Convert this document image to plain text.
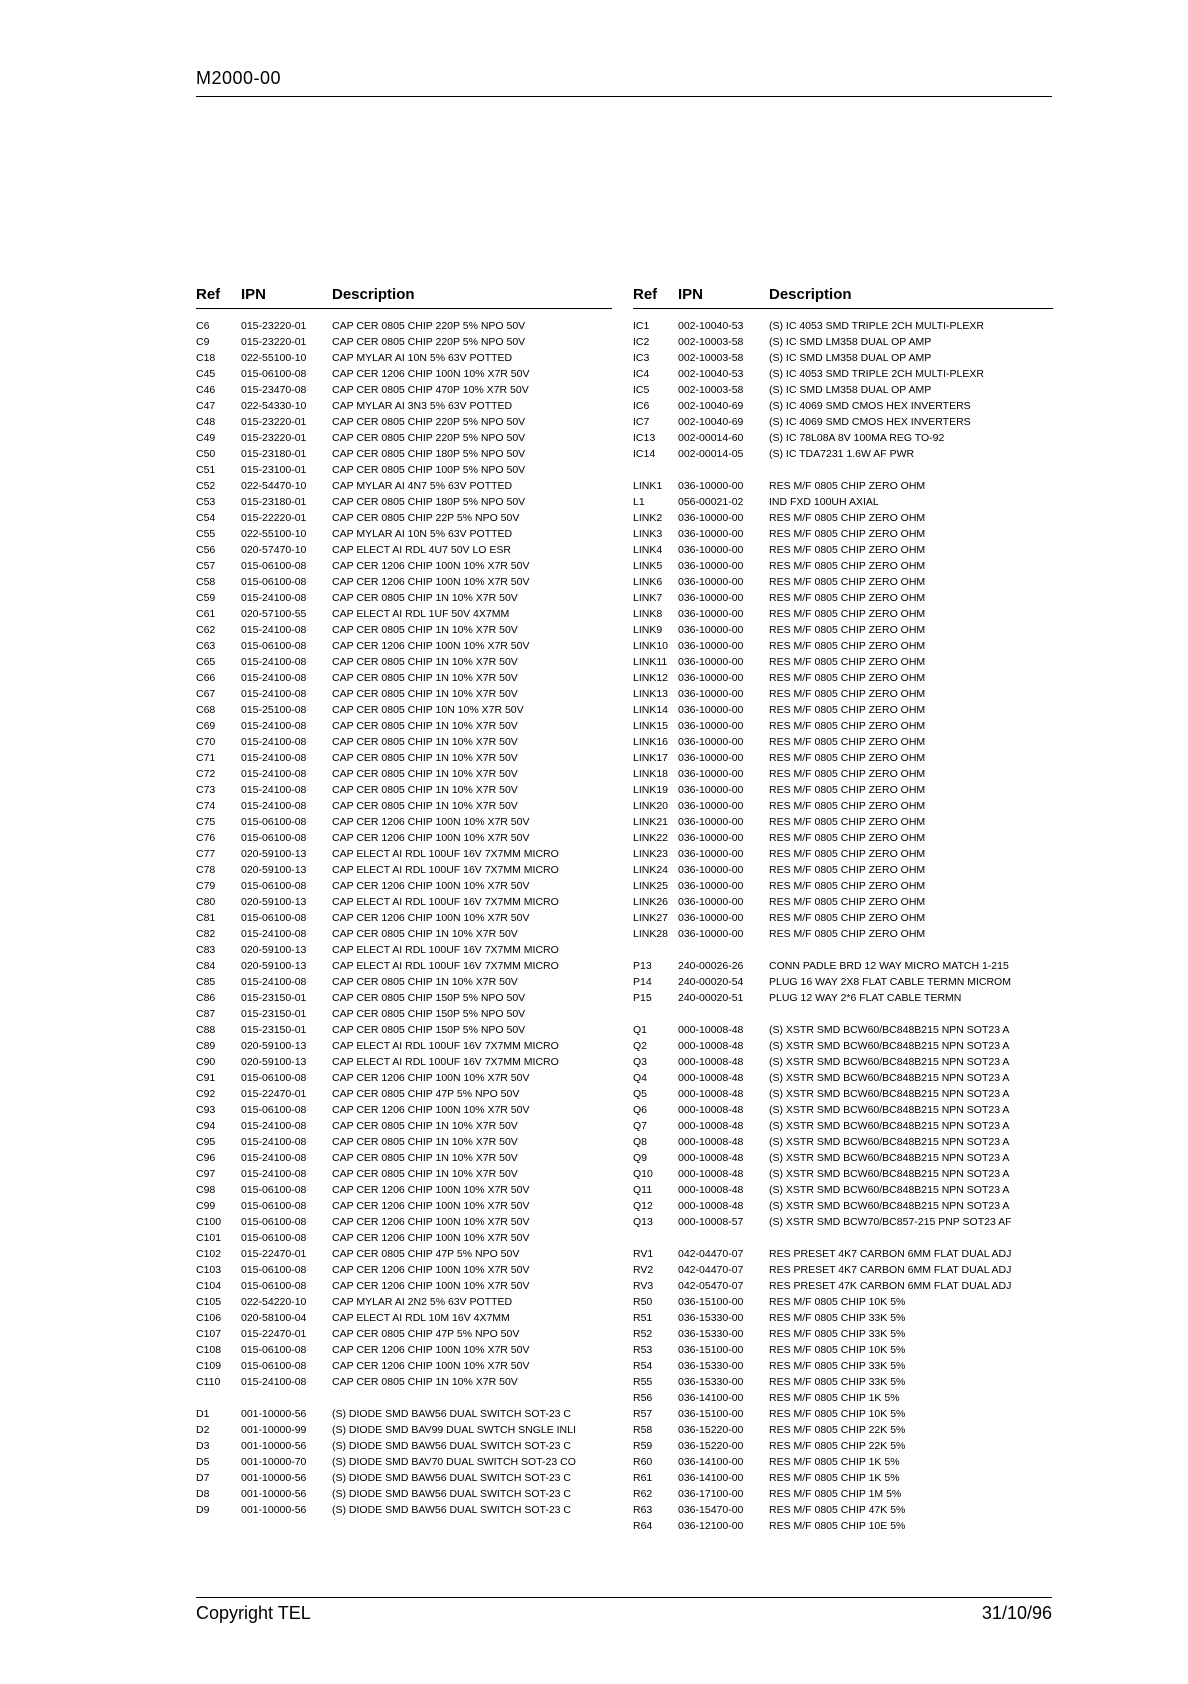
M2000-00
Ref IPN	Description
C6	015-23220-01 CAP CER 0805 CHIP 220P 5% NPO 50V
C9	015-23220-01 CAP CER 0805 CHIP 220P 5% NPO 50V
C18 022-55100-10 CAP MYLAR AI 10N 5% 63V POTTED
C45 015-06100-08 CAP CER 1206 CHIP 100N 10% X7R 50V
C46 015-23470-08 CAP CER 0805 CHIP 470P 10% X7R 50V
C47 022-54330-10 CAP MYLAR AI 3N3 5% 63V POTTED
C48 015-23220-01 CAP CER 0805 CHIP 220P 5% NPO 50V
C49 015-23220-01 CAP CER 0805 CHIP 220P 5% NPO 50V
C50 015-23180-01 CAP CER 0805 CHIP 180P 5% NPO 50V
C51 015-23100-01 CAP CER 0805 CHIP 100P 5% NPO 50V
C52 022-54470-10 CAP MYLAR AI 4N7 5% 63V POTTED
C53 015-23180-01 CAP CER 0805 CHIP 180P 5% NPO 50V
C54 015-22220-01 CAP CER 0805 CHIP 22P 5% NPO 50V
C55 022-55100-10 CAP MYLAR AI 10N 5% 63V POTTED
C56 020-57470-10 CAP ELECT AI RDL 4U7 50V LO ESR
C57 015-06100-08 CAP CER 1206 CHIP 100N 10% X7R 50V
C58 015-06100-08 CAP CER 1206 CHIP 100N 10% X7R 50V
C59 015-24100-08 CAP CER 0805 CHIP 1N 10% X7R 50V
C61 020-57100-55 CAP ELECT AI RDL 1UF 50V 4X7MM
C62 015-24100-08 CAP CER 0805 CHIP 1N 10% X7R 50V
C63 015-06100-08 CAP CER 1206 CHIP 100N 10% X7R 50V
C65 015-24100-08 CAP CER 0805 CHIP 1N 10% X7R 50V
C66 015-24100-08 CAP CER 0805 CHIP 1N 10% X7R 50V
C67 015-24100-08 CAP CER 0805 CHIP 1N 10% X7R 50V
C68 015-25100-08 CAP CER 0805 CHIP 10N 10% X7R 50V
C69 015-24100-08 CAP CER 0805 CHIP 1N 10% X7R 50V
C70 015-24100-08 CAP CER 0805 CHIP 1N 10% X7R 50V
C71 015-24100-08 CAP CER 0805 CHIP 1N 10% X7R 50V
C72 015-24100-08 CAP CER 0805 CHIP 1N 10% X7R 50V
C73 015-24100-08 CAP CER 0805 CHIP 1N 10% X7R 50V
C74 015-24100-08 CAP CER 0805 CHIP 1N 10% X7R 50V
C75 015-06100-08 CAP CER 1206 CHIP 100N 10% X7R 50V
C76 015-06100-08 CAP CER 1206 CHIP 100N 10% X7R 50V
C77 020-59100-13 CAP ELECT AI RDL 100UF 16V 7X7MM MICRO
C78 020-59100-13 CAP ELECT AI RDL 100UF 16V 7X7MM MICRO
C79 015-06100-08 CAP CER 1206 CHIP 100N 10% X7R 50V
C80 020-59100-13 CAP ELECT AI RDL 100UF 16V 7X7MM MICRO
C81 015-06100-08 CAP CER 1206 CHIP 100N 10% X7R 50V
C82 015-24100-08 CAP CER 0805 CHIP 1N 10% X7R 50V
C83 020-59100-13 CAP ELECT AI RDL 100UF 16V 7X7MM MICRO
C84 020-59100-13 CAP ELECT AI RDL 100UF 16V 7X7MM MICRO
C85 015-24100-08 CAP CER 0805 CHIP 1N 10% X7R 50V
C86 015-23150-01 CAP CER 0805 CHIP 150P 5% NPO 50V
C87 015-23150-01 CAP CER 0805 CHIP 150P 5% NPO 50V
C88 015-23150-01 CAP CER 0805 CHIP 150P 5% NPO 50V
C89 020-59100-13 CAP ELECT AI RDL 100UF 16V 7X7MM MICRO
C90 020-59100-13 CAP ELECT AI RDL 100UF 16V 7X7MM MICRO
C91 015-06100-08 CAP CER 1206 CHIP 100N 10% X7R 50V
C92 015-22470-01 CAP CER 0805 CHIP 47P 5% NPO 50V
C93 015-06100-08 CAP CER 1206 CHIP 100N 10% X7R 50V
C94 015-24100-08 CAP CER 0805 CHIP 1N 10% X7R 50V
C95 015-24100-08 CAP CER 0805 CHIP 1N 10% X7R 50V
C96 015-24100-08 CAP CER 0805 CHIP 1N 10% X7R 50V
C97 015-24100-08 CAP CER 0805 CHIP 1N 10% X7R 50V
C98 015-06100-08 CAP CER 1206 CHIP 100N 10% X7R 50V
C99 015-06100-08 CAP CER 1206 CHIP 100N 10% X7R 50V
C100 015-06100-08 CAP CER 1206 CHIP 100N 10% X7R 50V
C101 015-06100-08 CAP CER 1206 CHIP 100N 10% X7R 50V
C102 015-22470-01 CAP CER 0805 CHIP 47P 5% NPO 50V
C103 015-06100-08 CAP CER 1206 CHIP 100N 10% X7R 50V
C104 015-06100-08 CAP CER 1206 CHIP 100N 10% X7R 50V
C105 022-54220-10 CAP MYLAR AI 2N2 5% 63V POTTED
C106 020-58100-04 CAP ELECT AI RDL 10M 16V 4X7MM
C107 015-22470-01 CAP CER 0805 CHIP 47P 5% NPO 50V
C108 015-06100-08 CAP CER 1206 CHIP 100N 10% X7R 50V
C109 015-06100-08 CAP CER 1206 CHIP 100N 10% X7R 50V
C110 015-24100-08 CAP CER 0805 CHIP 1N 10% X7R 50V
D1	001-10000-56 (S) DIODE SMD BAW56 DUAL SWITCH SOT-23 C
D2	001-10000-99 (S) DIODE SMD BAV99 DUAL SWTCH SNGLE INLI
D3	001-10000-56 (S) DIODE SMD BAW56 DUAL SWITCH SOT-23 C
D5	001-10000-70 (S) DIODE SMD BAV70 DUAL SWITCH SOT-23 CO
D7	001-10000-56 (S) DIODE SMD BAW56 DUAL SWITCH SOT-23 C
D8	001-10000-56 (S) DIODE SMD BAW56 DUAL SWITCH SOT-23 C
D9	001-10000-56 (S) DIODE SMD BAW56 DUAL SWITCH SOT-23 C
Ref IPN	Description
IC1	002-10040-53 (S) IC 4053 SMD TRIPLE 2CH MULTI-PLEXR
IC2	002-10003-58 (S) IC SMD LM358 DUAL OP AMP
IC3	002-10003-58 (S) IC SMD LM358 DUAL OP AMP
IC4	002-10040-53 (S) IC 4053 SMD TRIPLE 2CH MULTI-PLEXR
IC5	002-10003-58 (S) IC SMD LM358 DUAL OP AMP
IC6	002-10040-69 (S) IC 4069 SMD CMOS HEX INVERTERS
IC7	002-10040-69 (S) IC 4069 SMD CMOS HEX INVERTERS
IC13 002-00014-60 (S) IC 78L08A 8V 100MA REG TO-92
IC14 002-00014-05 (S) IC TDA7231 1.6W AF PWR
LINK1 036-10000-00 RES M/F 0805 CHIP ZERO OHM
L1	056-00021-02 IND FXD 100UH AXIAL
LINK2 036-10000-00 RES M/F 0805 CHIP ZERO OHM
LINK3 036-10000-00 RES M/F 0805 CHIP ZERO OHM
LINK4 036-10000-00 RES M/F 0805 CHIP ZERO OHM
LINK5 036-10000-00 RES M/F 0805 CHIP ZERO OHM
LINK6 036-10000-00 RES M/F 0805 CHIP ZERO OHM
LINK7 036-10000-00 RES M/F 0805 CHIP ZERO OHM
LINK8 036-10000-00 RES M/F 0805 CHIP ZERO OHM
LINK9 036-10000-00 RES M/F 0805 CHIP ZERO OHM
LINK10 036-10000-00 RES M/F 0805 CHIP ZERO OHM
LINK11 036-10000-00 RES M/F 0805 CHIP ZERO OHM
LINK12 036-10000-00 RES M/F 0805 CHIP ZERO OHM
LINK13 036-10000-00 RES M/F 0805 CHIP ZERO OHM
LINK14 036-10000-00 RES M/F 0805 CHIP ZERO OHM
LINK15 036-10000-00 RES M/F 0805 CHIP ZERO OHM
LINK16 036-10000-00 RES M/F 0805 CHIP ZERO OHM
LINK17 036-10000-00 RES M/F 0805 CHIP ZERO OHM
LINK18 036-10000-00 RES M/F 0805 CHIP ZERO OHM
LINK19 036-10000-00 RES M/F 0805 CHIP ZERO OHM
LINK20 036-10000-00 RES M/F 0805 CHIP ZERO OHM
LINK21 036-10000-00 RES M/F 0805 CHIP ZERO OHM
LINK22 036-10000-00 RES M/F 0805 CHIP ZERO OHM
LINK23 036-10000-00 RES M/F 0805 CHIP ZERO OHM
LINK24 036-10000-00 RES M/F 0805 CHIP ZERO OHM
LINK25 036-10000-00 RES M/F 0805 CHIP ZERO OHM
LINK26 036-10000-00 RES M/F 0805 CHIP ZERO OHM
LINK27 036-10000-00 RES M/F 0805 CHIP ZERO OHM
LINK28 036-10000-00 RES M/F 0805 CHIP ZERO OHM
P13	240-00026-26 CONN PADLE BRD 12 WAY MICRO MATCH 1-215
P14	240-00020-54 PLUG 16 WAY 2X8 FLAT CABLE TERMN MICROM
P15	240-00020-51 PLUG 12 WAY 2*6 FLAT CABLE TERMN
Q1	000-10008-48 (S) XSTR SMD BCW60/BC848B215 NPN SOT23 A
Q2	000-10008-48 (S) XSTR SMD BCW60/BC848B215 NPN SOT23 A
Q3	000-10008-48 (S) XSTR SMD BCW60/BC848B215 NPN SOT23 A
Q4	000-10008-48 (S) XSTR SMD BCW60/BC848B215 NPN SOT23 A
Q5	000-10008-48 (S) XSTR SMD BCW60/BC848B215 NPN SOT23 A
Q6	000-10008-48 (S) XSTR SMD BCW60/BC848B215 NPN SOT23 A
Q7	000-10008-48 (S) XSTR SMD BCW60/BC848B215 NPN SOT23 A
Q8	000-10008-48 (S) XSTR SMD BCW60/BC848B215 NPN SOT23 A
Q9	000-10008-48 (S) XSTR SMD BCW60/BC848B215 NPN SOT23 A
Q10 000-10008-48 (S) XSTR SMD BCW60/BC848B215 NPN SOT23 A
Q11 000-10008-48 (S) XSTR SMD BCW60/BC848B215 NPN SOT23 A
Q12 000-10008-48 (S) XSTR SMD BCW60/BC848B215 NPN SOT23 A
Q13 000-10008-57 (S) XSTR SMD BCW70/BC857-215 PNP SOT23 AF
RV1 042-04470-07 RES PRESET 4K7 CARBON 6MM FLAT DUAL ADJ
RV2 042-04470-07 RES PRESET 4K7 CARBON 6MM FLAT DUAL ADJ
RV3 042-05470-07 RES PRESET 47K CARBON 6MM FLAT DUAL ADJ
R50 036-15100-00 RES M/F 0805 CHIP 10K 5%
R51 036-15330-00 RES M/F 0805 CHIP 33K 5%
R52 036-15330-00 RES M/F 0805 CHIP 33K 5%
R53 036-15100-00 RES M/F 0805 CHIP 10K 5%
R54 036-15330-00 RES M/F 0805 CHIP 33K 5%
R55 036-15330-00 RES M/F 0805 CHIP 33K 5%
R56 036-14100-00 RES M/F 0805 CHIP 1K 5%
R57 036-15100-00 RES M/F 0805 CHIP 10K 5%
R58 036-15220-00 RES M/F 0805 CHIP 22K 5%
R59 036-15220-00 RES M/F 0805 CHIP 22K 5%
R60 036-14100-00 RES M/F 0805 CHIP 1K 5%
R61 036-14100-00 RES M/F 0805 CHIP 1K 5%
R62 036-17100-00 RES M/F 0805 CHIP 1M 5%
R63 036-15470-00 RES M/F 0805 CHIP 47K 5%
R64 036-12100-00 RES M/F 0805 CHIP 10E 5%
Copyright TEL	31/10/96
